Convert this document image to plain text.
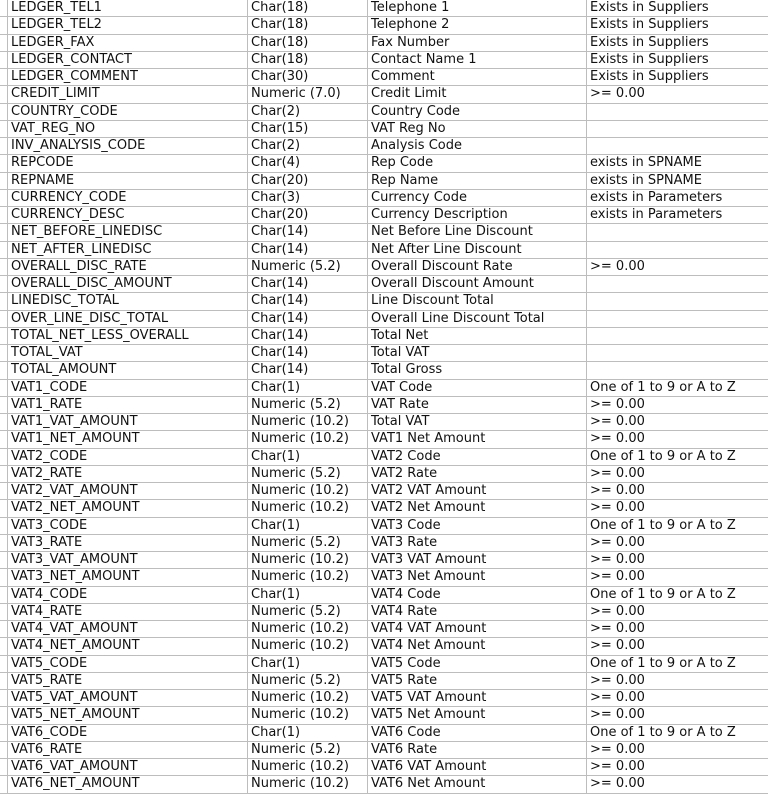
	LEDGER_TEL1	Char(18)	Telephone 1	Exists in Suppliers
	LEDGER_TEL2	Char(18)	Telephone 2	Exists in Suppliers
	LEDGER_FAX	Char(18)	Fax Number	Exists in Suppliers
	LEDGER_CONTACT	Char(18)	Contact Name 1	Exists in Suppliers
	LEDGER_COMMENT	Char(30)	Comment	Exists in Suppliers
	CREDIT_LIMIT	Numeric (7.0)	Credit Limit	>= 0.00
	COUNTRY_CODE	Char(2)	Country Code	
	VAT_REG_NO	Char(15)	VAT Reg No	
	INV_ANALYSIS_CODE	Char(2)	Analysis Code	
	REPCODE	Char(4)	Rep Code	exists in SPNAME
	REPNAME	Char(20)	Rep Name	exists in SPNAME
	CURRENCY_CODE	Char(3)	Currency Code	exists in Parameters
	CURRENCY_DESC	Char(20)	Currency Description	exists in Parameters
	NET_BEFORE_LINEDISC	Char(14)	Net Before Line Discount	
	NET_AFTER_LINEDISC	Char(14)	Net After Line Discount	
	OVERALL_DISC_RATE	Numeric (5.2)	Overall Discount Rate	>= 0.00
	OVERALL_DISC_AMOUNT	Char(14)	Overall Discount Amount	
	LINEDISC_TOTAL	Char(14)	Line Discount Total	
	OVER_LINE_DISC_TOTAL	Char(14)	Overall Line Discount Total	
	TOTAL_NET_LESS_OVERALL	Char(14)	Total Net	
	TOTAL_VAT	Char(14)	Total VAT	
	TOTAL_AMOUNT	Char(14)	Total Gross	
	VAT1_CODE	Char(1)	VAT Code	One of 1 to 9 or A to Z
	VAT1_RATE	Numeric (5.2)	VAT Rate	>= 0.00
	VAT1_VAT_AMOUNT	Numeric (10.2)	Total VAT	>= 0.00
	VAT1_NET_AMOUNT	Numeric (10.2)	VAT1 Net Amount	>= 0.00
	VAT2_CODE	Char(1)	VAT2 Code	One of 1 to 9 or A to Z
	VAT2_RATE	Numeric (5.2)	VAT2 Rate	>= 0.00
	VAT2_VAT_AMOUNT	Numeric (10.2)	VAT2 VAT Amount	>= 0.00
	VAT2_NET_AMOUNT	Numeric (10.2)	VAT2 Net Amount	>= 0.00
	VAT3_CODE	Char(1)	VAT3 Code	One of 1 to 9 or A to Z
	VAT3_RATE	Numeric (5.2)	VAT3 Rate	>= 0.00
	VAT3_VAT_AMOUNT	Numeric (10.2)	VAT3 VAT Amount	>= 0.00
	VAT3_NET_AMOUNT	Numeric (10.2)	VAT3 Net Amount	>= 0.00
	VAT4_CODE	Char(1)	VAT4 Code	One of 1 to 9 or A to Z
	VAT4_RATE	Numeric (5.2)	VAT4 Rate	>= 0.00
	VAT4_VAT_AMOUNT	Numeric (10.2)	VAT4 VAT Amount	>= 0.00
	VAT4_NET_AMOUNT	Numeric (10.2)	VAT4 Net Amount	>= 0.00
	VAT5_CODE	Char(1)	VAT5 Code	One of 1 to 9 or A to Z
	VAT5_RATE	Numeric (5.2)	VAT5 Rate	>= 0.00
	VAT5_VAT_AMOUNT	Numeric (10.2)	VAT5 VAT Amount	>= 0.00
	VAT5_NET_AMOUNT	Numeric (10.2)	VAT5 Net Amount	>= 0.00
	VAT6_CODE	Char(1)	VAT6 Code	One of 1 to 9 or A to Z
	VAT6_RATE	Numeric (5.2)	VAT6 Rate	>= 0.00
	VAT6_VAT_AMOUNT	Numeric (10.2)	VAT6 VAT Amount	>= 0.00
	VAT6_NET_AMOUNT	Numeric (10.2)	VAT6 Net Amount	>= 0.00
